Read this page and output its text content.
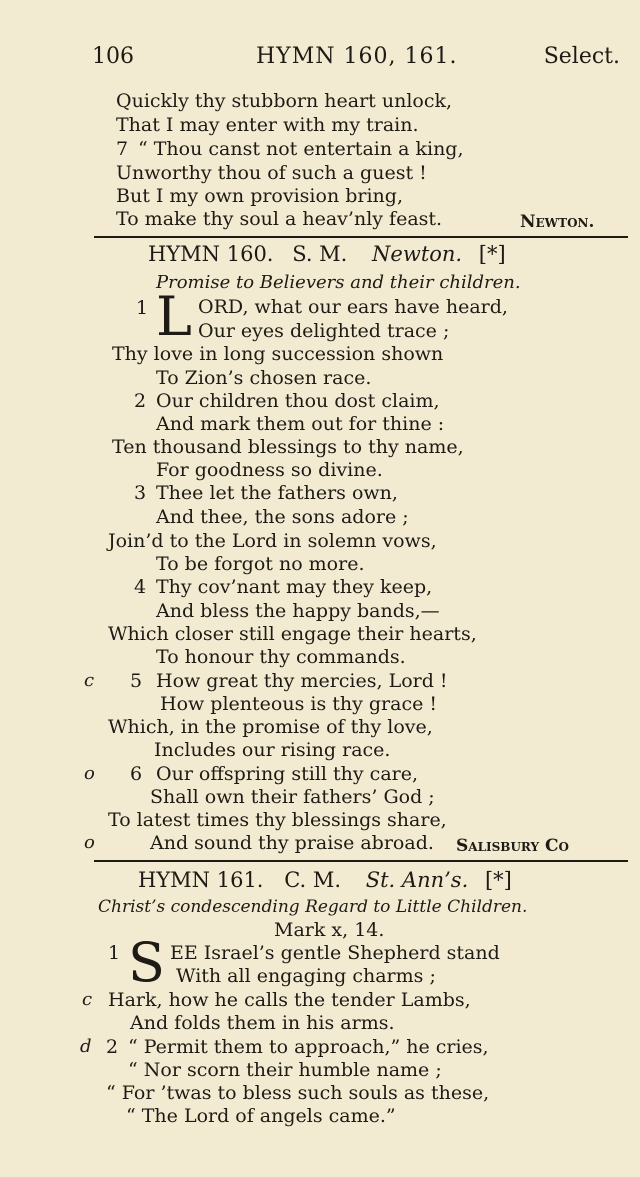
106	HYMN 160, 161.	Select.
Quickly thy stubborn heart unlock,
That I may enter with my train.
7 “ Thou canst not entertain a king,
Unworthy thou of such a guest !
But I my own provision bring,
To make thy soul a heav’nly feast.	Newton.
HYMN 160. S. M. Newton. [*]
Promise to Believers and their children.
1 L ORD, what our ears have heard,
Our eyes delighted trace ;
Thy love in long succession shown
To Zion’s chosen race.
2 Our children thou dost claim,
And mark them out for thine :
Ten thousand blessings to thy name,
For goodness so divine.
3 Thee let the fathers own,
And thee, the sons adore ;
Join’d to the Lord in solemn vows,
To be forgot no more.
4 Thy cov’nant may they keep,
And bless the happy bands,—
Which closer still engage their hearts,
To honour thy commands.
c 5 How great thy mercies, Lord !
How plenteous is thy grace !
Which, in the promise of thy love,
Includes our rising race.
o 6 Our offspring still thy care,
Shall own their fathers’ God ;
To latest times thy blessings share,
o	And sound thy praise abroad. Salisbury Co
HYMN 161. C. M. St. Ann’s. [*]
Christ’s condescending Regard to Little Children.
Mark x, 14.
1 S EE Israel’s gentle Shepherd stand
With all engaging charms ;
c Hark, how he calls the tender Lambs,
And folds them in his arms.
d 2 “ Permit them to approach,” he cries,
“ Nor scorn their humble name ;
“ For ’twas to bless such souls as these,
“ The Lord of angels came.”
